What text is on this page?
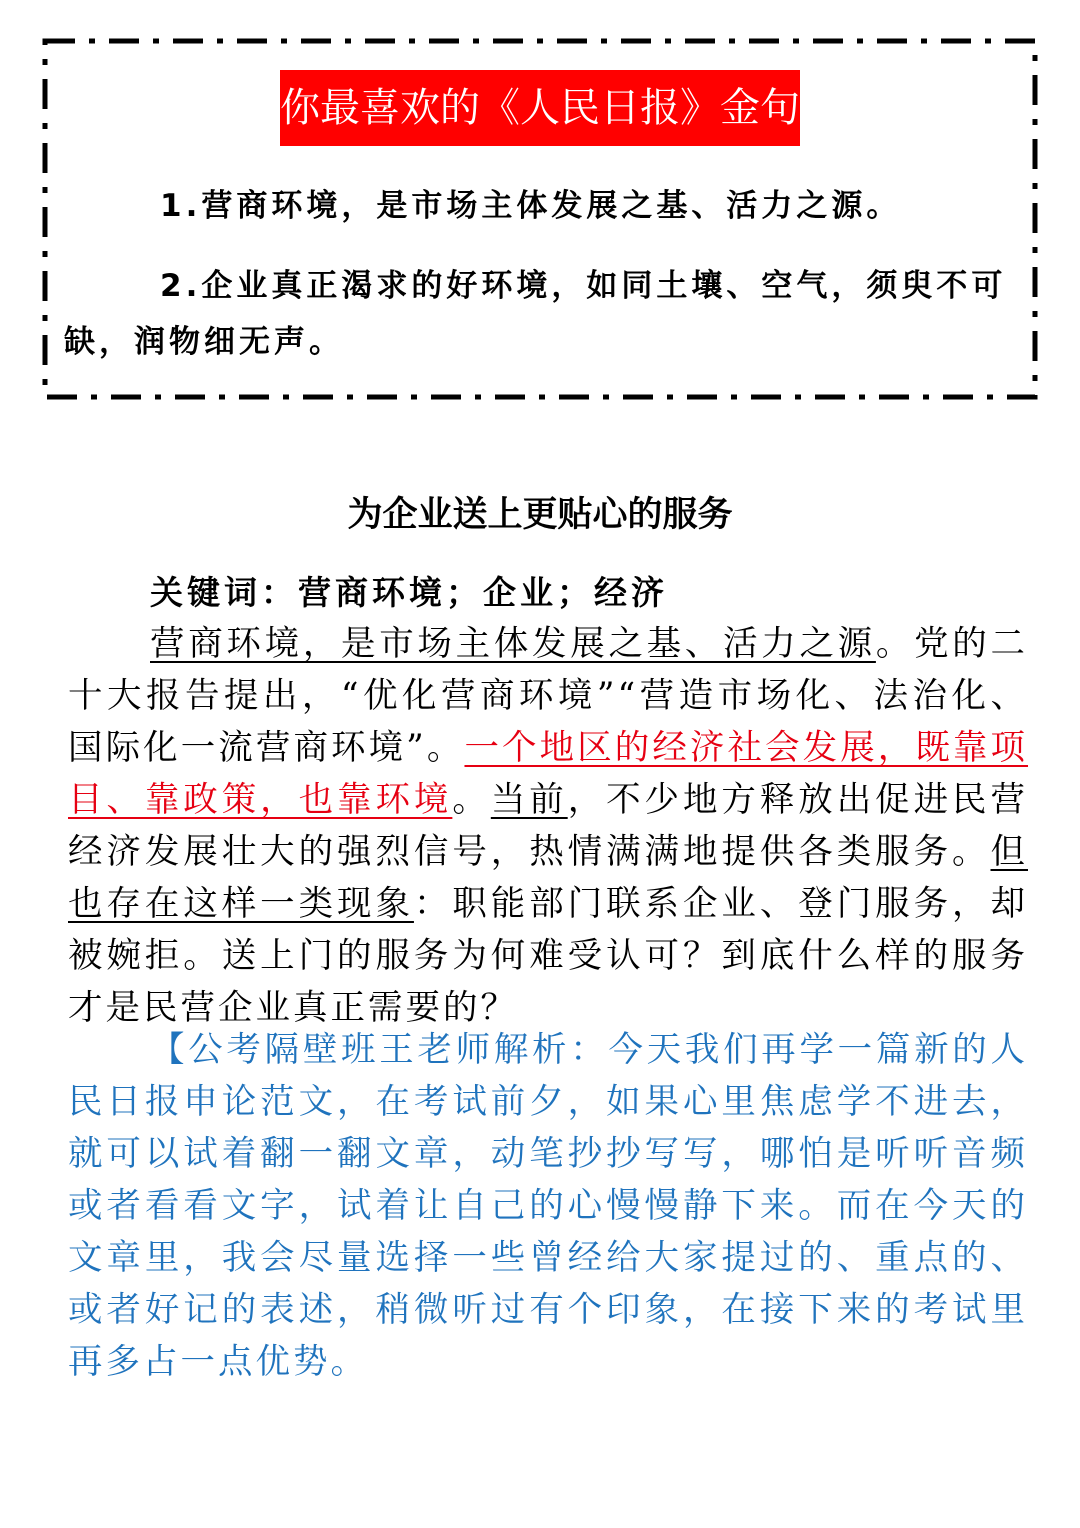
你最喜欢的《人民日报》金句
1.营商环境，是市场主体发展之基、活力之源。
2.企业真正渴求的好环境，如同土壤、空气，须臾不可缺，润物细无声。
为企业送上更贴心的服务
关键词：营商环境；企业；经济
营商环境，是市场主体发展之基、活力之源。党的二十大报告提出，“优化营商环境”“营造市场化、法治化、国际化一流营商环境”。一个地区的经济社会发展，既靠项目、靠政策，也靠环境。当前，不少地方释放出促进民营经济发展壮大的强烈信号，热情满满地提供各类服务。但也存在这样一类现象：职能部门联系企业、登门服务，却被婉拒。送上门的服务为何难受认可？到底什么样的服务才是民营企业真正需要的？
【公考隔壁班王老师解析：今天我们再学一篇新的人民日报申论范文，在考试前夕，如果心里焦虑学不进去，就可以试着翻一翻文章，动笔抄抄写写，哪怕是听听音频或者看看文字，试着让自己的心慢慢静下来。而在今天的文章里，我会尽量选择一些曾经给大家提过的、重点的、或者好记的表述，稍微听过有个印象，在接下来的考试里再多占一点优势。
